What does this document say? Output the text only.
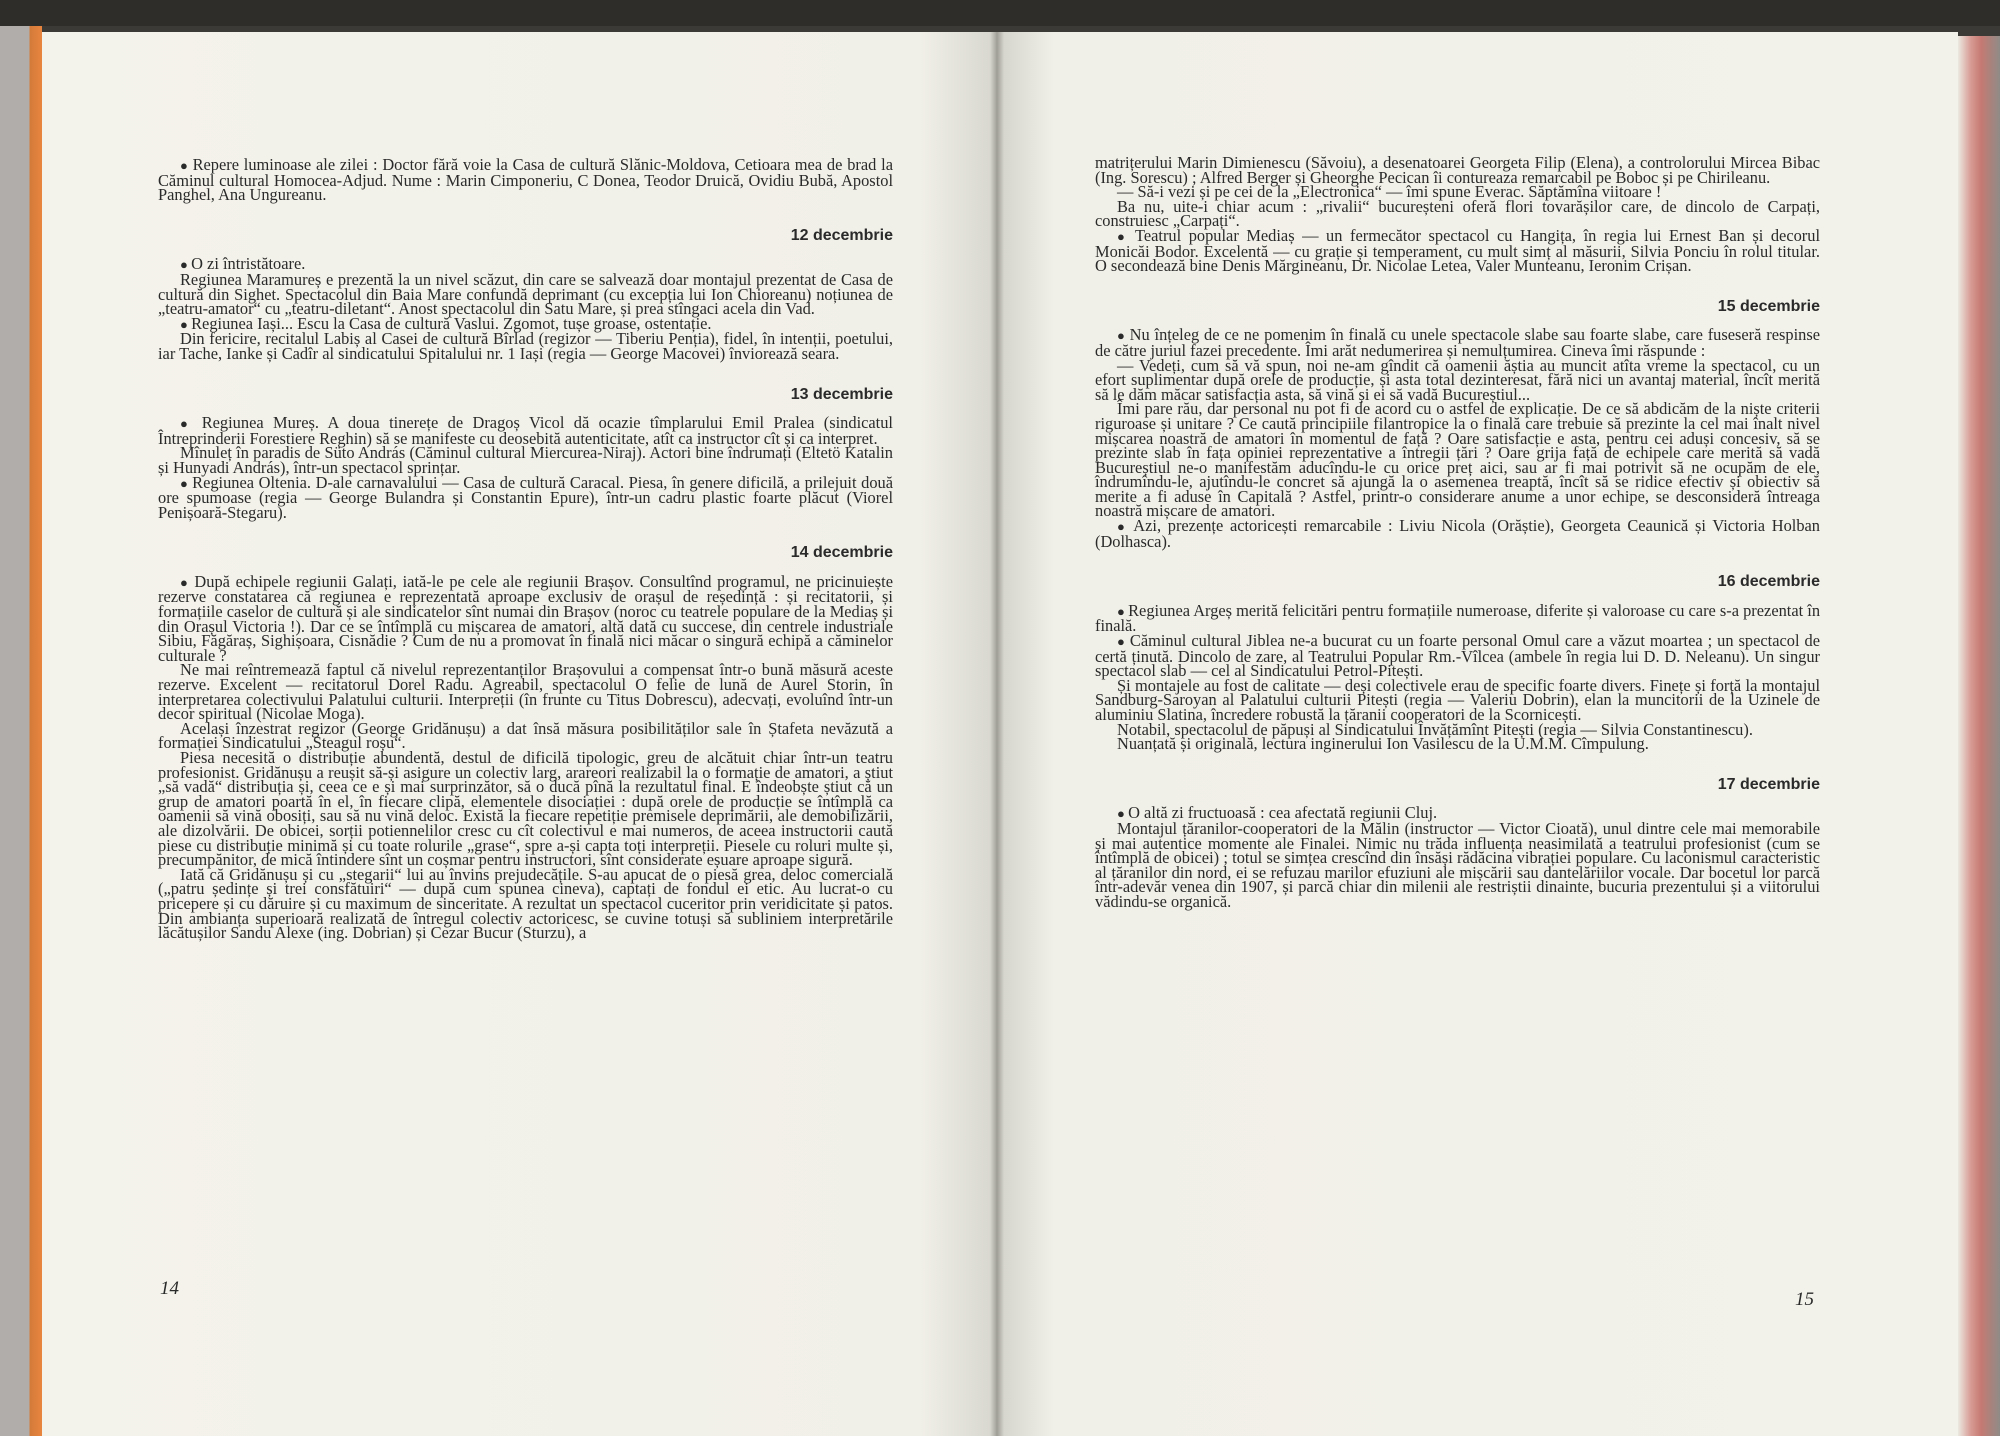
● Repere luminoase ale zilei : Doctor fără voie la Casa de cultură Slănic-Moldova, Cetioara mea de brad la Căminul cultural Homocea-Adjud. Nume : Marin Cimponeriu, C Donea, Teodor Druică, Ovidiu Bubă, Apostol Panghel, Ana Ungureanu.

12 decembrie

● O zi întristătoare.

Regiunea Maramureș e prezentă la un nivel scăzut, din care se salvează doar montajul prezentat de Casa de cultură din Sighet. Spectacolul din Baia Mare confundă deprimant (cu excepția lui Ion Chioreanu) noțiunea de „teatru-amator“ cu „teatru-diletant“. Anost spectacolul din Satu Mare, și prea stîngaci acela din Vad.

● Regiunea Iași... Escu la Casa de cultură Vaslui. Zgomot, tușe groase, ostentație.

Din fericire, recitalul Labiș al Casei de cultură Bîrlad (regizor — Tiberiu Penția), fidel, în intenții, poetului, iar Tache, Ianke și Cadîr al sindicatului Spitalului nr. 1 Iași (regia — George Macovei) înviorează seara.

13 decembrie

● Regiunea Mureș. A doua tinerețe de Dragoș Vicol dă ocazie tîmplarului Emil Pralea (sindicatul Întreprinderii Forestiere Reghin) să se manifeste cu deosebită autenticitate, atît ca instructor cît și ca interpret.

Mînuleț în paradis de Süto András (Căminul cultural Miercurea-Niraj). Actori bine îndrumați (Eltetö Katalin și Hunyadi András), într-un spectacol sprințar.

● Regiunea Oltenia. D-ale carnavalului — Casa de cultură Caracal. Piesa, în genere dificilă, a prilejuit două ore spumoase (regia — George Bulandra și Constantin Epure), într-un cadru plastic foarte plăcut (Viorel Penișoară-Stegaru).

14 decembrie

● După echipele regiunii Galați, iată-le pe cele ale regiunii Brașov. Consultînd programul, ne pricinuiește rezerve constatarea că regiunea e reprezentată aproape exclusiv de orașul de reședință : și recitatorii, și formațiile caselor de cultură și ale sindicatelor sînt numai din Brașov (noroc cu teatrele populare de la Mediaș și din Orașul Victoria !). Dar ce se întîmplă cu mișcarea de amatori, altă dată cu succese, din centrele industriale Sibiu, Făgăraș, Sighișoara, Cisnădie ? Cum de nu a promovat în finală nici măcar o singură echipă a căminelor culturale ?

Ne mai reîntremează faptul că nivelul reprezentanților Brașovului a compensat într-o bună măsură aceste rezerve. Excelent — recitatorul Dorel Radu. Agreabil, spectacolul O felie de lună de Aurel Storin, în interpretarea colectivului Palatului culturii. Interpreții (în frunte cu Titus Dobrescu), adecvați, evoluînd într-un decor spiritual (Nicolae Moga).

Același înzestrat regizor (George Gridănușu) a dat însă măsura posibilităților sale în Ștafeta nevăzută a formației Sindicatului „Steagul roșu“.

Piesa necesită o distribuție abundentă, destul de dificilă tipologic, greu de alcătuit chiar într-un teatru profesionist. Gridănușu a reușit să-și asigure un colectiv larg, arareori realizabil la o formație de amatori, a știut „să vadă“ distribuția și, ceea ce e și mai surprinzător, să o ducă pînă la rezultatul final. E îndeobște știut că un grup de amatori poartă în el, în fiecare clipă, elementele disociației : după orele de producție se întîmplă ca oamenii să vină obosiți, sau să nu vină deloc. Există la fiecare repetiție premisele deprimării, ale demobilizării, ale dizolvării. De obicei, sorții potiennelilor cresc cu cît colectivul e mai numeros, de aceea instructorii caută piese cu distribuție minimă și cu toate rolurile „grase“, spre a-și capta toți interpreții. Piesele cu roluri multe și, precumpănitor, de mică întindere sînt un coșmar pentru instructori, sînt considerate eșuare aproape sigură.

Iată că Gridănușu și cu „stegarii“ lui au învins prejudecățile. S-au apucat de o piesă grea, deloc comercială („patru ședințe și trei consfătuiri“ — după cum spunea cineva), captați de fondul ei etic. Au lucrat-o cu pricepere și cu dăruire și cu maximum de sinceritate. A rezultat un spectacol cuceritor prin veridicitate și patos. Din ambianța superioară realizată de întregul colectiv actoricesc, se cuvine totuși să subliniem interpretările lăcătușilor Sandu Alexe (ing. Dobrian) și Cezar Bucur (Sturzu), a

matrițerului Marin Dimienescu (Săvoiu), a desenatoarei Georgeta Filip (Elena), a controlorului Mircea Bibac (Ing. Sorescu) ; Alfred Berger și Gheorghe Pecican îi contureaza remarcabil pe Boboc și pe Chirileanu.

— Să-i vezi și pe cei de la „Electronica“ — îmi spune Everac. Săptămîna viitoare !

Ba nu, uite-i chiar acum : „rivalii“ bucureșteni oferă flori tovarășilor care, de dincolo de Carpați, construiesc „Carpați“.

● Teatrul popular Mediaș — un fermecător spectacol cu Hangița, în regia lui Ernest Ban și decorul Monicăi Bodor. Excelentă — cu grație și temperament, cu mult simț al măsurii, Silvia Ponciu în rolul titular. O secondează bine Denis Mărgineanu, Dr. Nicolae Letea, Valer Munteanu, Ieronim Crișan.

15 decembrie

● Nu înțeleg de ce ne pomenim în finală cu unele spectacole slabe sau foarte slabe, care fuseseră respinse de către juriul fazei precedente. Îmi arăt nedumerirea și nemulțumirea. Cineva îmi răspunde :

— Vedeți, cum să vă spun, noi ne-am gîndit că oamenii ăștia au muncit atîta vreme la spectacol, cu un efort suplimentar după orele de producție, și asta total dezinteresat, fără nici un avantaj material, încît merită să le dăm măcar satisfacția asta, să vină și ei să vadă Bucureștiul...

Îmi pare rău, dar personal nu pot fi de acord cu o astfel de explicație. De ce să abdicăm de la niște criterii riguroase și unitare ? Ce caută principiile filantropice la o finală care trebuie să prezinte la cel mai înalt nivel mișcarea noastră de amatori în momentul de față ? Oare satisfacție e asta, pentru cei aduși concesiv, să se prezinte slab în fața opiniei reprezentative a întregii țări ? Oare grija față de echipele care merită să vadă Bucureștiul ne-o manifestăm aducîndu-le cu orice preț aici, sau ar fi mai potrivit să ne ocupăm de ele, îndrumîndu-le, ajutîndu-le concret să ajungă la o asemenea treaptă, încît să se ridice efectiv și obiectiv să merite a fi aduse în Capitală ? Astfel, printr-o considerare anume a unor echipe, se desconsideră întreaga noastră mișcare de amatori.

● Azi, prezențe actoricești remarcabile : Liviu Nicola (Orăștie), Georgeta Ceaunică și Victoria Holban (Dolhasca).

16 decembrie

● Regiunea Argeș merită felicitări pentru formațiile numeroase, diferite și valoroase cu care s-a prezentat în finală.

● Căminul cultural Jiblea ne-a bucurat cu un foarte personal Omul care a văzut moartea ; un spectacol de certă ținută. Dincolo de zare, al Teatrului Popular Rm.-Vîlcea (ambele în regia lui D. D. Neleanu). Un singur spectacol slab — cel al Sindicatului Petrol-Pitești.

Și montajele au fost de calitate — deși colectivele erau de specific foarte divers. Finețe și forță la montajul Sandburg-Saroyan al Palatului culturii Pitești (regia — Valeriu Dobrin), elan la muncitorii de la Uzinele de aluminiu Slatina, încredere robustă la țăranii cooperatori de la Scornicești.

Notabil, spectacolul de păpuși al Sindicatului Învățămînt Pitești (regia — Silvia Constantinescu).

Nuanțată și originală, lectura inginerului Ion Vasilescu de la U.M.M. Cîmpulung.

17 decembrie

● O altă zi fructuoasă : cea afectată regiunii Cluj.

Montajul țăranilor-cooperatori de la Mălin (instructor — Victor Cioată), unul dintre cele mai memorabile și mai autentice momente ale Finalei. Nimic nu trăda influența neasimilată a teatrului profesionist (cum se întîmplă de obicei) ; totul se simțea crescînd din însăși rădăcina vibrației populare. Cu laconismul caracteristic al țăranilor din nord, ei se refuzau marilor efuziuni ale mișcării sau dantelăriilor vocale. Dar bocetul lor parcă într-adevăr venea din 1907, și parcă chiar din milenii ale restriștii dinainte, bucuria prezentului și a viitorului vădindu-se organică.

14
15
